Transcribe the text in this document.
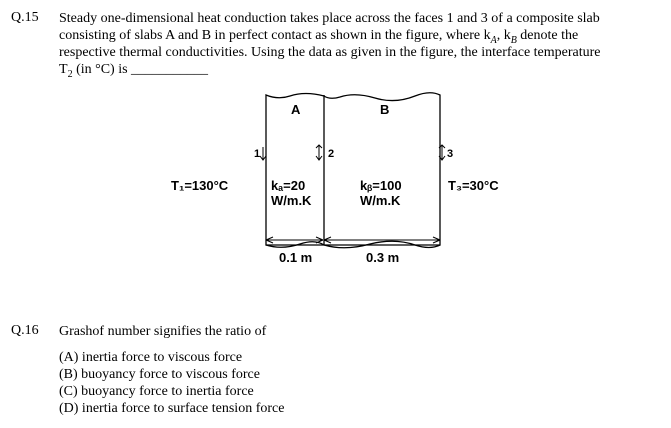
Q.15 Steady one-dimensional heat conduction takes place across the faces 1 and 3 of a composite slab
consisting of slabs A and B in perfect contact as shown in the figure, where $k_A$, $k_B$ denote the
respective thermal conductivities. Using the data as given in the figure, the interface temperature
$T_2$ (in °C) is ___________
A	B
1	2	3
T₁=130°C	kₐ=20
W/m.K
kᵦ=100
W/m.K
T₃=30°C
0.1 m	0.3 m
Q.16 Grashof number signifies the ratio of
(A) inertia force to viscous force
(B) buoyancy force to viscous force
(C) buoyancy force to inertia force
(D) inertia force to surface tension force
